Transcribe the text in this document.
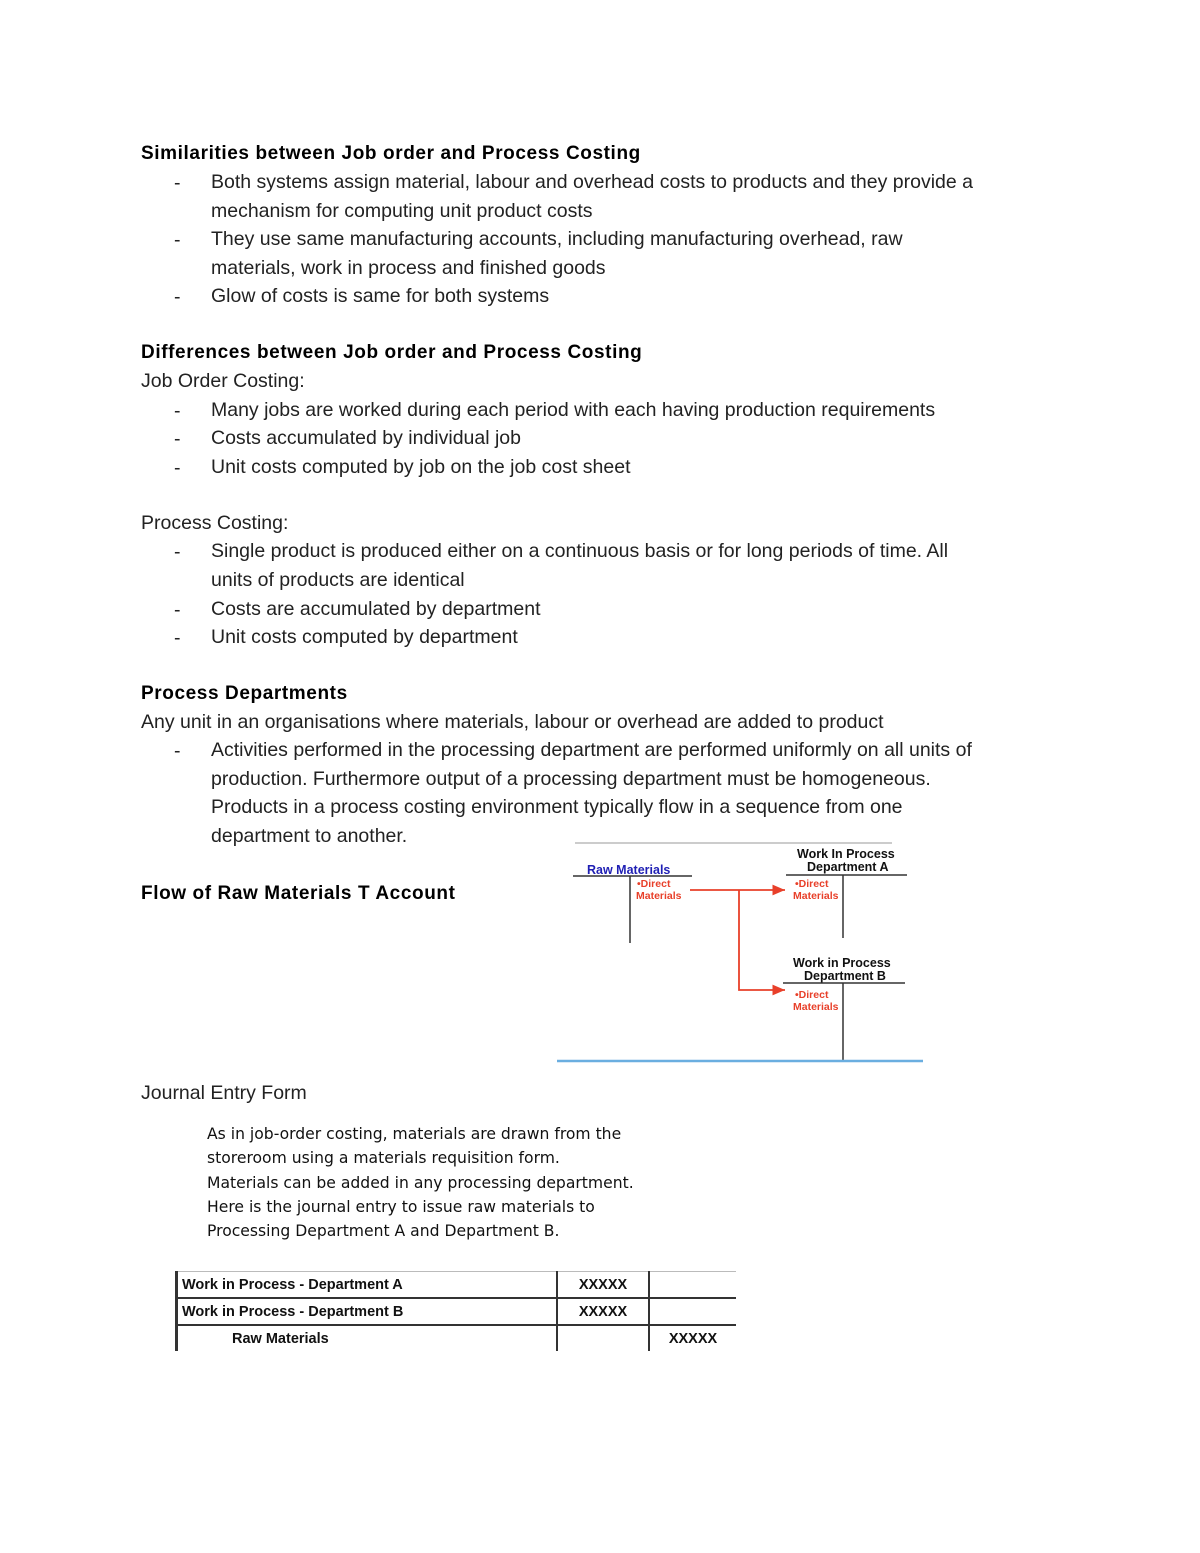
Similarities between Job order and Process Costing
- Both systems assign material, labour and overhead costs to products and they provide a
mechanism for computing unit product costs
- They use same manufacturing accounts, including manufacturing overhead, raw
materials, work in process and finished goods
- Glow of costs is same for both systems
Differences between Job order and Process Costing
Job Order Costing:
- Many jobs are worked during each period with each having production requirements
- Costs accumulated by individual job
- Unit costs computed by job on the job cost sheet
Process Costing:
- Single product is produced either on a continuous basis or for long periods of time. All
units of products are identical
- Costs are accumulated by department
- Unit costs computed by department
Process Departments
Any unit in an organisations where materials, labour or overhead are added to product
- Activities performed in the processing department are performed uniformly on all units of
production. Furthermore output of a processing department must be homogeneous.
Products in a process costing environment typically flow in a sequence from one
department to another.
Flow of Raw Materials T Account
Raw Materials
•Direct
Materials
Work In Process
Department A
•Direct
Materials
Work in Process
Department B
•Direct
Materials
Journal Entry Form
As in job-order costing, materials are drawn from the
storeroom using a materials requisition form.
Materials can be added in any processing department.
Here is the journal entry to issue raw materials to
Processing Department A and Department B.
Work in Process - Department A	XXXXX	
Work in Process - Department B	XXXXX	
Raw Materials		XXXXX
